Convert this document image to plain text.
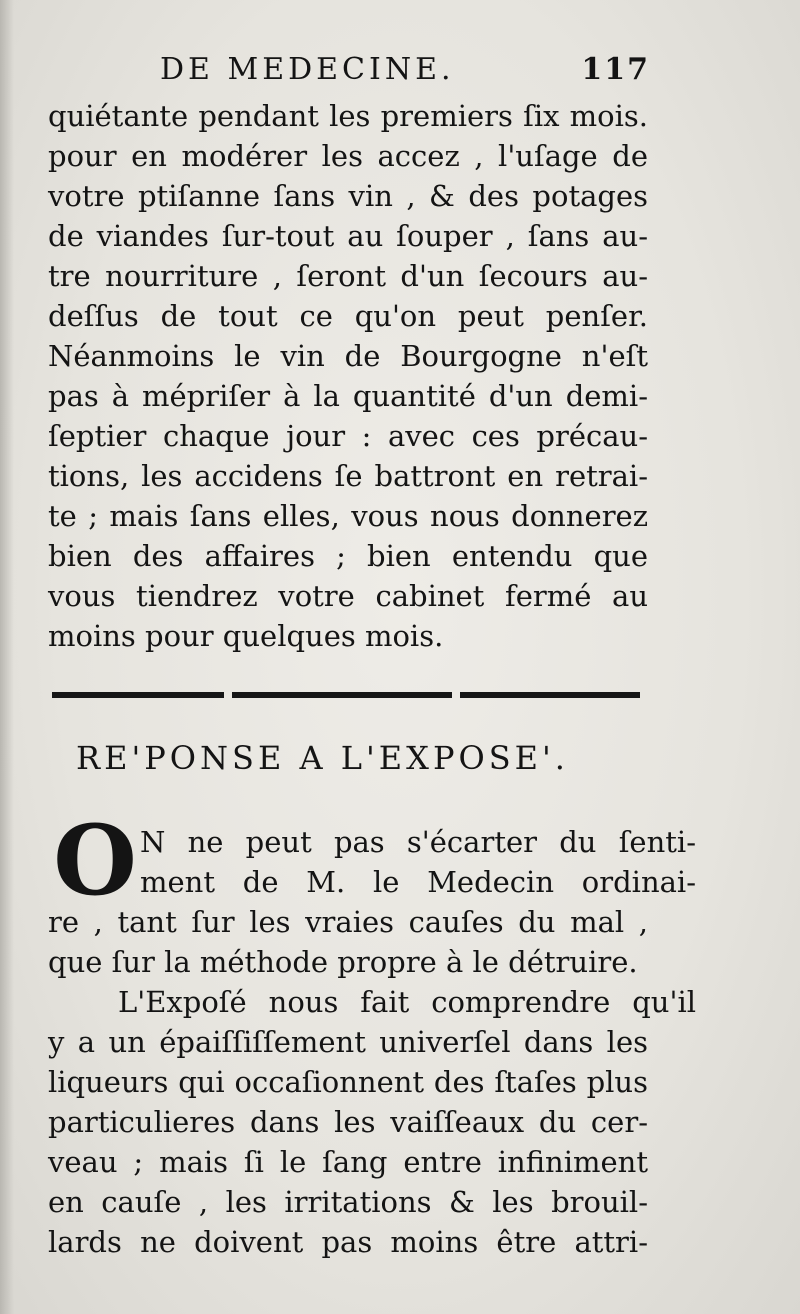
DE MEDECINE.	117
quiétante pendant les premiers ſix mois.
pour en modérer les accez , l'uſage de
votre ptiſanne ſans vin , & des potages
de viandes ſur-tout au ſouper , ſans au-
tre nourriture , ſeront d'un ſecours au-
deſſus de tout ce qu'on peut penſer.
Néanmoins le vin de Bourgogne n'eſt
pas à mépriſer à la quantité d'un demi-
ſeptier chaque jour : avec ces précau-
tions, les accidens ſe battront en retrai-
te ; mais ſans elles, vous nous donnerez
bien des affaires ; bien entendu que
vous tiendrez votre cabinet fermé au
moins pour quelques mois.
RE'PONSE A L'EXPOSE'.
O N ne peut pas s'écarter du ſenti-
ment de M. le Medecin ordinai-
re , tant ſur les vraies cauſes du mal ,
que ſur la méthode propre à le détruire.
L'Expoſé nous fait comprendre qu'il
y a un épaiſſiſſement univerſel dans les
liqueurs qui occaſionnent des ſtaſes plus
particulieres dans les vaiſſeaux du cer-
veau ; mais ſi le ſang entre infiniment
en cauſe , les irritations & les brouil-
lards ne doivent pas moins être attri-
